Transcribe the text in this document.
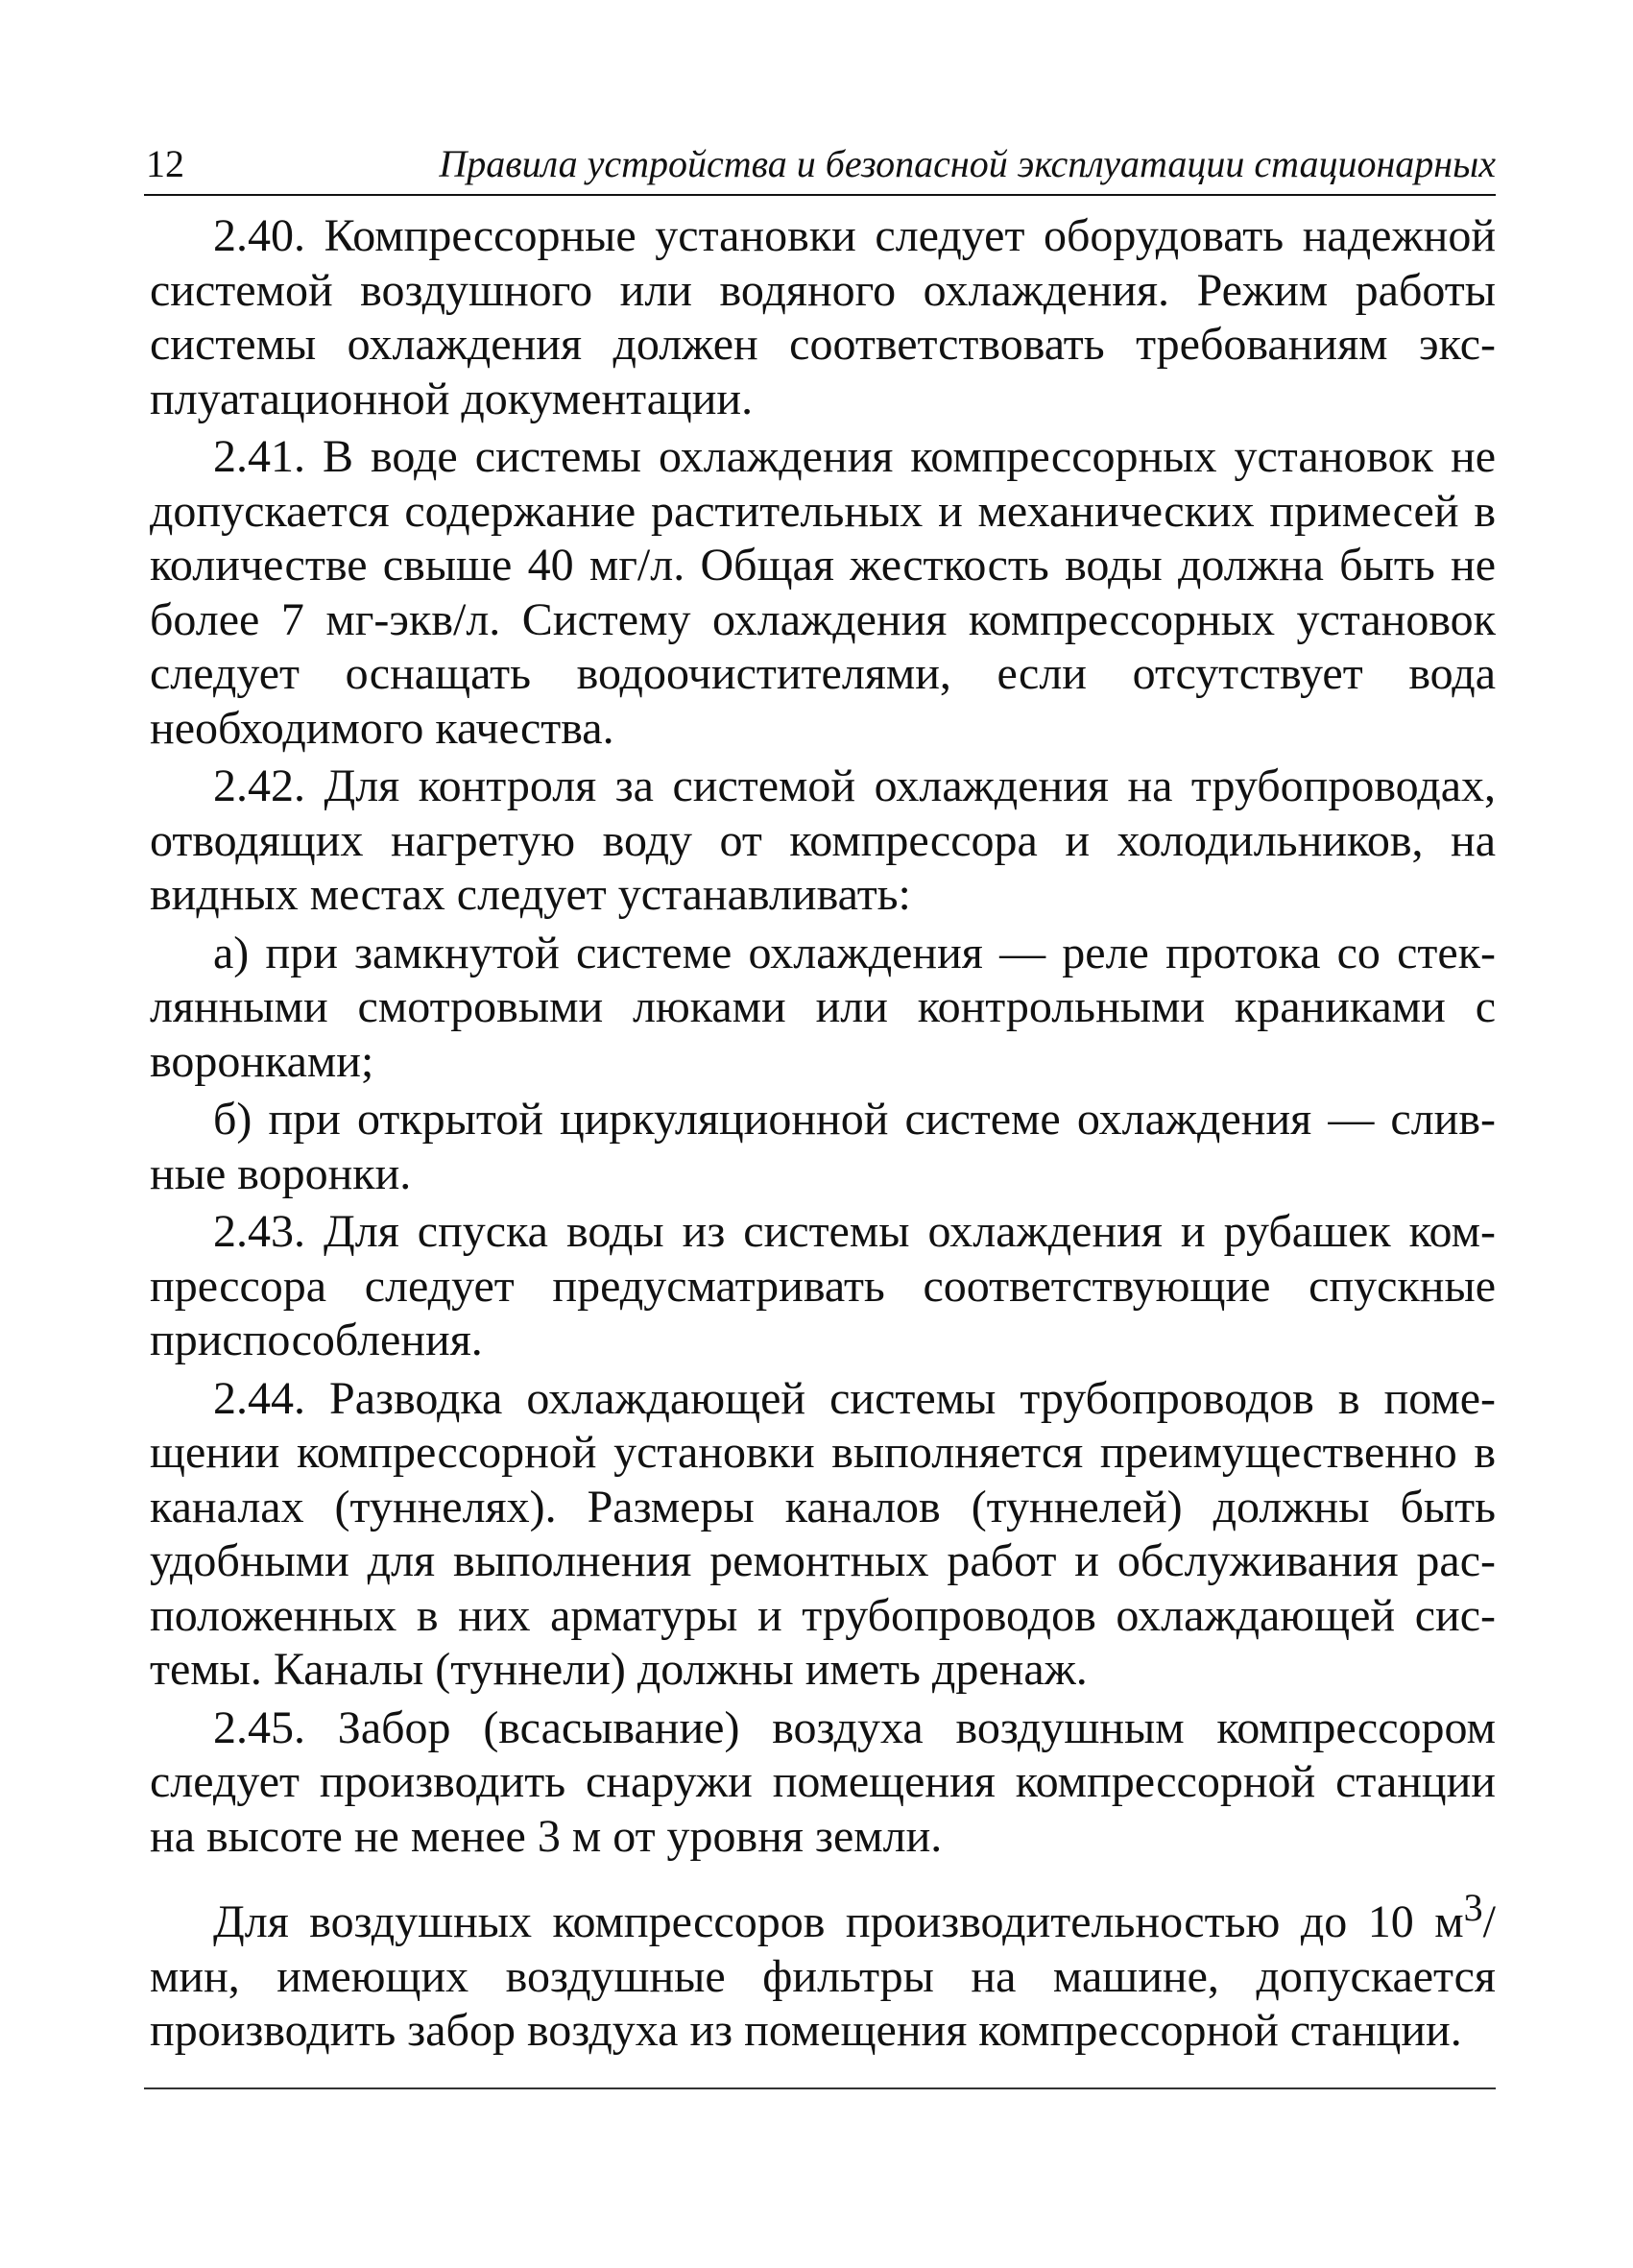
12	Правила устройства и безопасной эксплуатации стационарных

2.40. Компрессорные установки следует оборудовать надежной системой воздушного или водяного охлаждения. Режим работы системы охлаждения должен соответствовать требованиям эксплуатационной документации.

2.41. В воде системы охлаждения компрессорных установок не допускается содержание растительных и механических примесей в количестве свыше 40 мг/л. Общая жесткость воды должна быть не более 7 мг-экв/л. Систему охлаждения компрессорных установок следует оснащать водоочистителями, если отсутствует вода необходимого качества.

2.42. Для контроля за системой охлаждения на трубопроводах, отводящих нагретую воду от компрессора и холодильников, на видных местах следует устанавливать:

а) при замкнутой системе охлаждения — реле протока со стеклянными смотровыми люками или контрольными краниками с воронками;

б) при открытой циркуляционной системе охлаждения — сливные воронки.

2.43. Для спуска воды из системы охлаждения и рубашек компрессора следует предусматривать соответствующие спускные приспособления.

2.44. Разводка охлаждающей системы трубопроводов в помещении компрессорной установки выполняется преимущественно в каналах (туннелях). Размеры каналов (туннелей) должны быть удобными для выполнения ремонтных работ и обслуживания расположенных в них арматуры и трубопроводов охлаждающей системы. Каналы (туннели) должны иметь дренаж.

2.45. Забор (всасывание) воздуха воздушным компрессором следует производить снаружи помещения компрессорной станции на высоте не менее 3 м от уровня земли.

Для воздушных компрессоров производительностью до 10 $м^3$/мин, имеющих воздушные фильтры на машине, допускается производить забор воздуха из помещения компрессорной станции.
